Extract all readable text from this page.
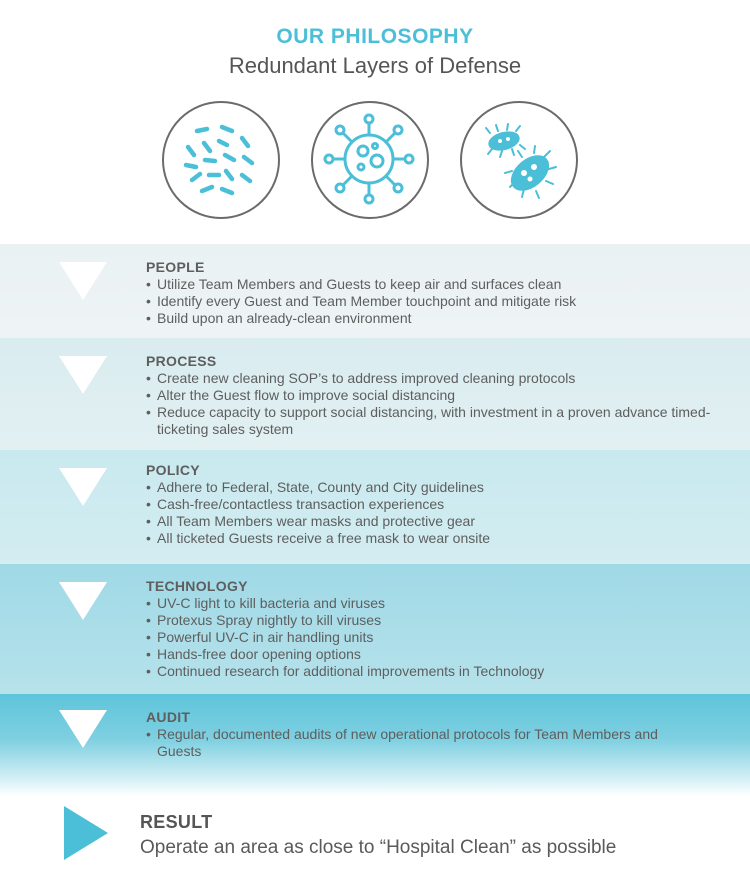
OUR PHILOSOPHY
Redundant Layers of Defense
PEOPLE
• Utilize Team Members and Guests to keep air and surfaces clean
• Identify every Guest and Team Member touchpoint and mitigate risk
• Build upon an already-clean environment
PROCESS
• Create new cleaning SOP’s to address improved cleaning protocols
• Alter the Guest flow to improve social distancing
• Reduce capacity to support social distancing, with investment in a proven advance timed-ticketing sales system
POLICY
• Adhere to Federal, State, County and City guidelines
• Cash-free/contactless transaction experiences
• All Team Members wear masks and protective gear
• All ticketed Guests receive a free mask to wear onsite
TECHNOLOGY
• UV-C light to kill bacteria and viruses
• Protexus Spray nightly to kill viruses
• Powerful UV-C in air handling units
• Hands-free door opening options
• Continued research for additional improvements in Technology
AUDIT
• Regular, documented audits of new operational protocols for Team Members and Guests
RESULT
Operate an area as close to “Hospital Clean” as possible
